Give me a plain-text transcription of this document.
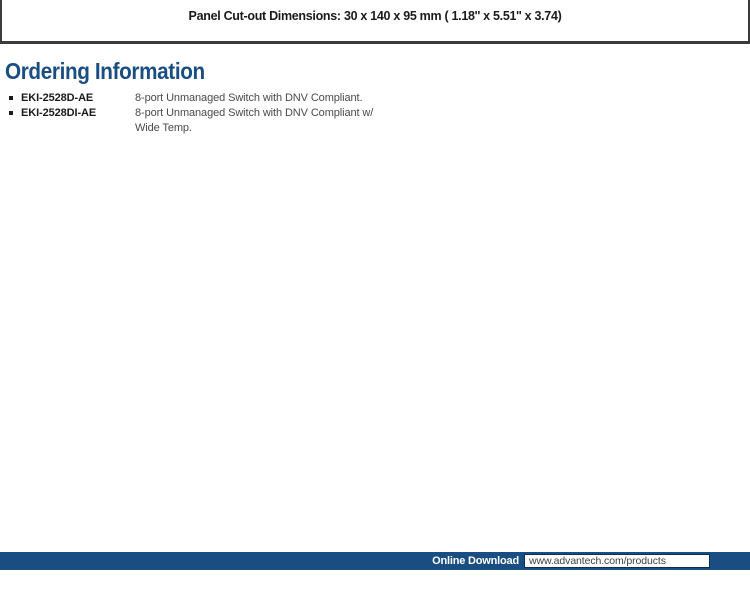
Panel Cut-out Dimensions: 30 x 140 x 95 mm ( 1.18'' x 5.51'' x 3.74)
Ordering Information
EKI-2528D-AE	8-port Unmanaged Switch with DNV Compliant.
EKI-2528DI-AE	8-port Unmanaged Switch with DNV Compliant w/
Wide Temp.
Online Download www.advantech.com/products
